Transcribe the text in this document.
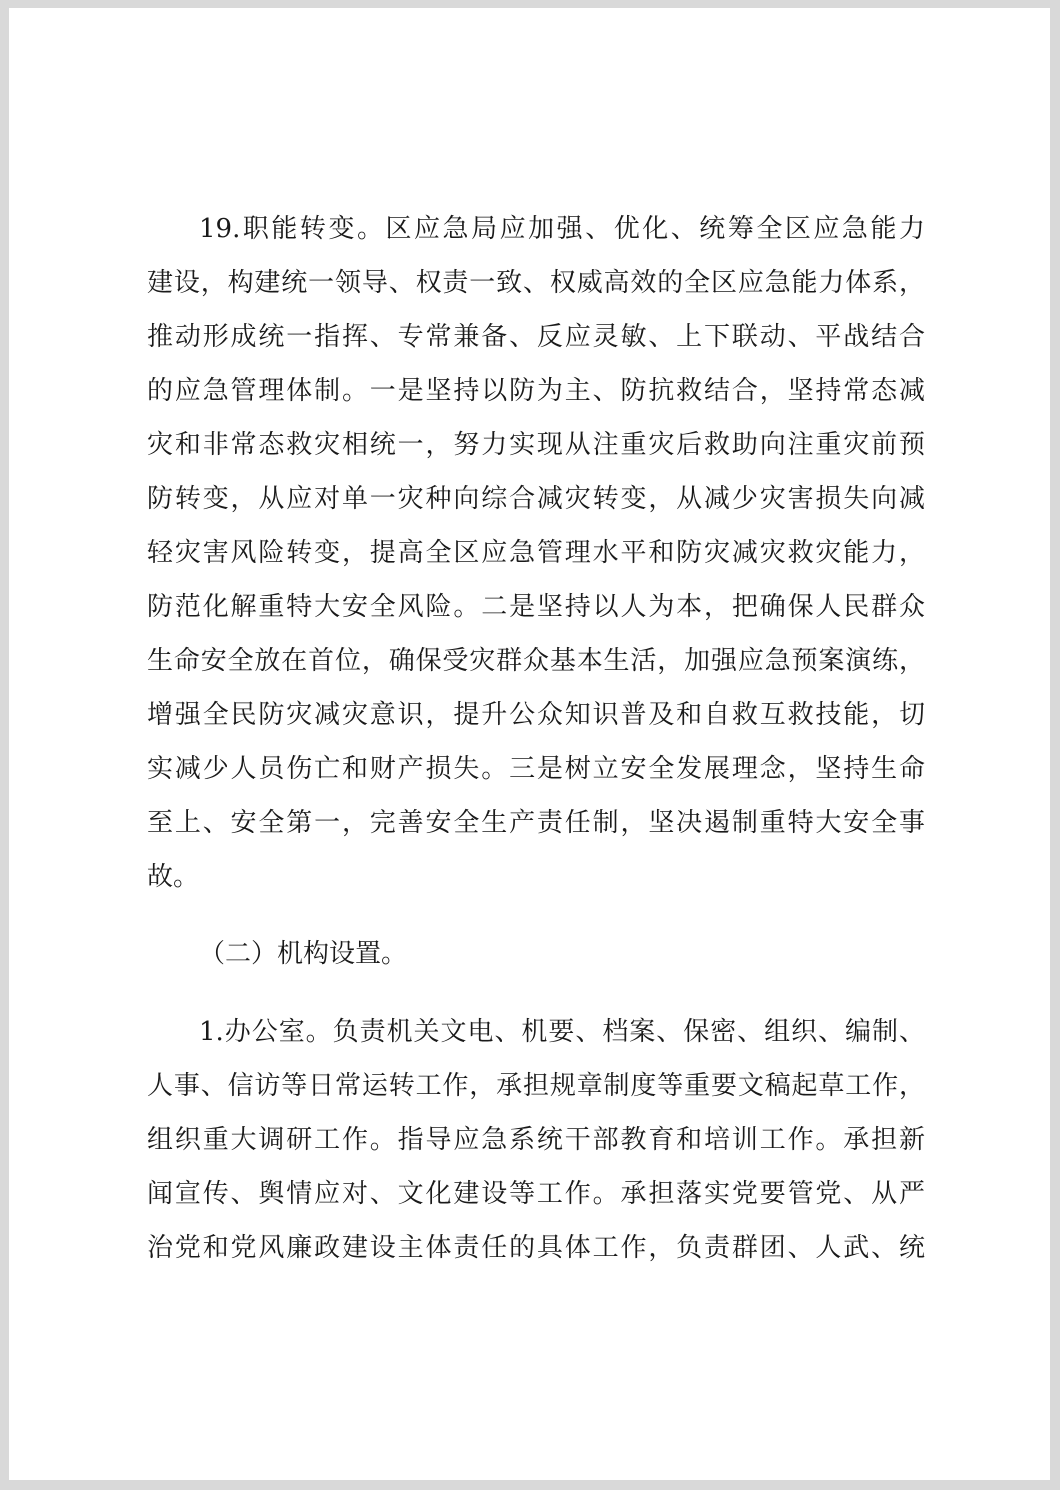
19.职能转变。区应急局应加强、优化、统筹全区应急能力
建设，构建统一领导、权责一致、权威高效的全区应急能力体系，
推动形成统一指挥、专常兼备、反应灵敏、上下联动、平战结合
的应急管理体制。一是坚持以防为主、防抗救结合，坚持常态减
灾和非常态救灾相统一，努力实现从注重灾后救助向注重灾前预
防转变，从应对单一灾种向综合减灾转变，从减少灾害损失向减
轻灾害风险转变，提高全区应急管理水平和防灾减灾救灾能力，
防范化解重特大安全风险。二是坚持以人为本，把确保人民群众
生命安全放在首位，确保受灾群众基本生活，加强应急预案演练，
增强全民防灾减灾意识，提升公众知识普及和自救互救技能，切
实减少人员伤亡和财产损失。三是树立安全发展理念，坚持生命
至上、安全第一，完善安全生产责任制，坚决遏制重特大安全事
故。
（二）机构设置。
1.办公室。负责机关文电、机要、档案、保密、组织、编制、
人事、信访等日常运转工作，承担规章制度等重要文稿起草工作，
组织重大调研工作。指导应急系统干部教育和培训工作。承担新
闻宣传、舆情应对、文化建设等工作。承担落实党要管党、从严
治党和党风廉政建设主体责任的具体工作，负责群团、人武、统
